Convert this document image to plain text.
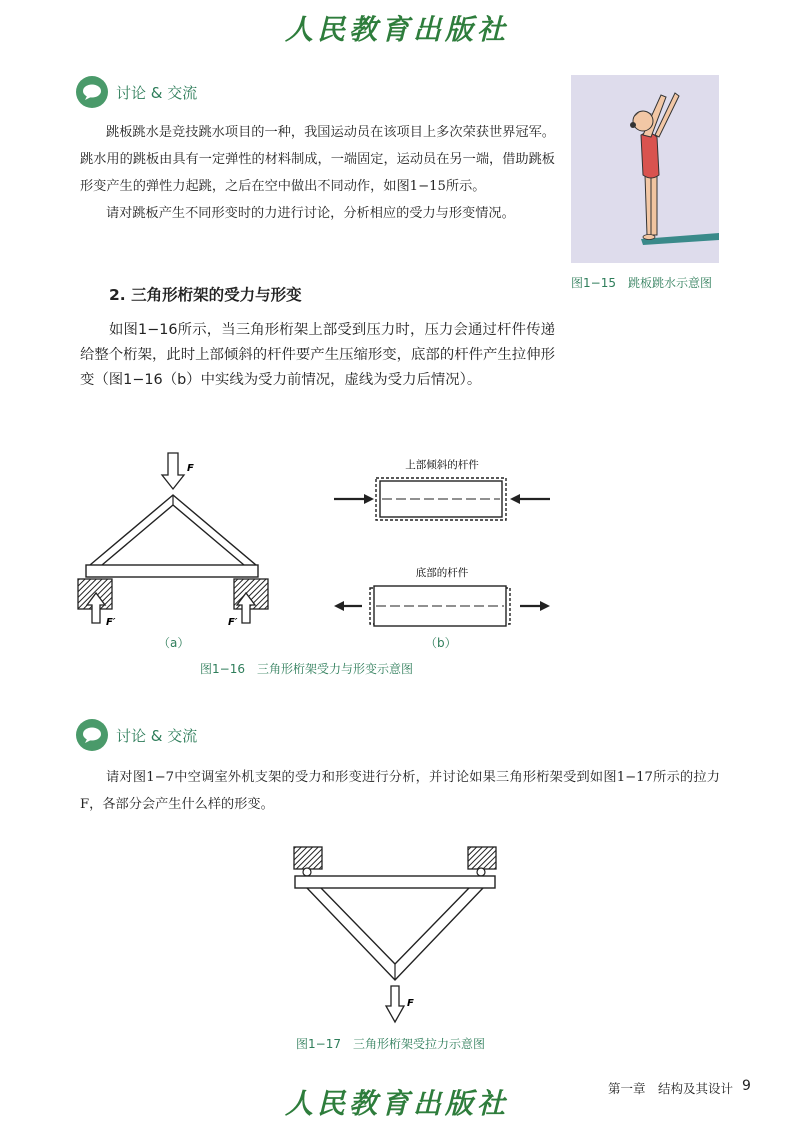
人民教育出版社
讨论 & 交流
跳板跳水是竞技跳水项目的一种，我国运动员在该项目上多次荣获世界冠军。跳水用的跳板由具有一定弹性的材料制成，一端固定，运动员在另一端，借助跳板形变产生的弹性力起跳，之后在空中做出不同动作，如图1−15所示。
请对跳板产生不同形变时的力进行讨论，分析相应的受力与形变情况。
图1−15　跳板跳水示意图
2. 三角形桁架的受力与形变
如图1−16所示，当三角形桁架上部受到压力时，压力会通过杆件传递给整个桁架，此时上部倾斜的杆件要产生压缩形变，底部的杆件产生拉伸形变（图1−16（b）中实线为受力前情况，虚线为受力后情况）。
F
F′	F′
（a）
上部倾斜的杆件
底部的杆件
（b）
图1−16　三角形桁架受力与形变示意图
讨论 & 交流
请对图1−7中空调室外机支架的受力和形变进行分析，并讨论如果三角形桁架受到如图1−17所示的拉力F，各部分会产生什么样的形变。
F
图1−17　三角形桁架受拉力示意图
第一章　结构及其设计 9
人民教育出版社
